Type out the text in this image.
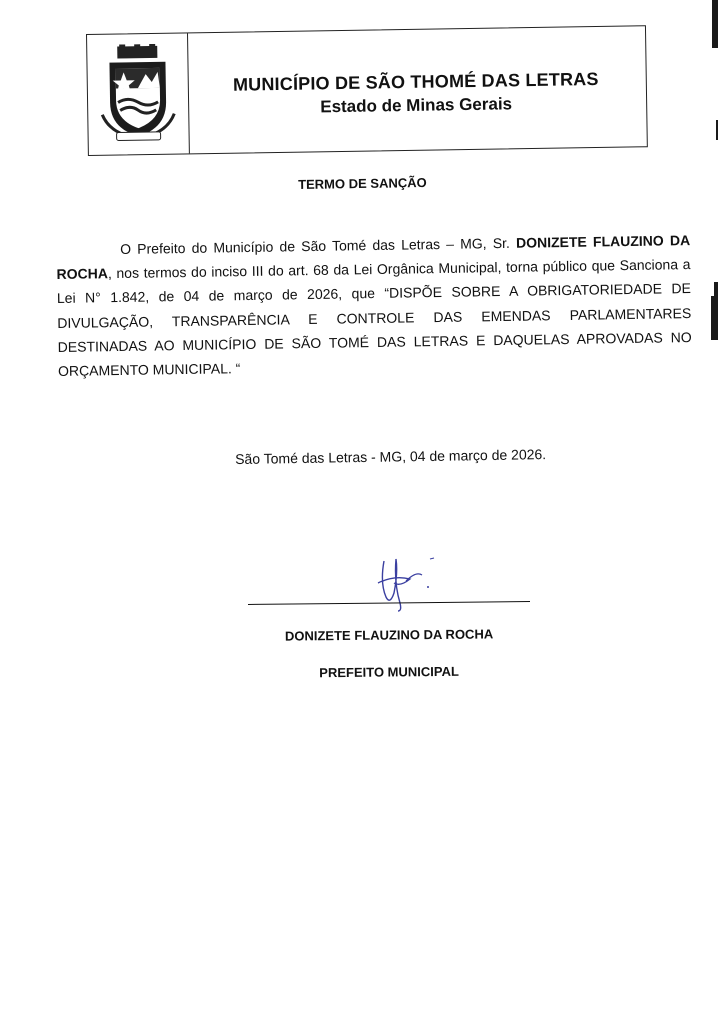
MUNICÍPIO DE SÃO THOMÉ DAS LETRAS
Estado de Minas Gerais
TERMO DE SANÇÃO
O Prefeito do Município de São Tomé das Letras – MG, Sr. DONIZETE FLAUZINO DA ROCHA, nos termos do inciso III do art. 68 da Lei Orgânica Municipal, torna público que Sanciona a Lei N° 1.842, de 04 de março de 2026, que “DISPÕE SOBRE A OBRIGATORIEDADE DE DIVULGAÇÃO, TRANSPARÊNCIA E CONTROLE DAS EMENDAS PARLAMENTARES DESTINADAS AO MUNICÍPIO DE SÃO TOMÉ DAS LETRAS E DAQUELAS APROVADAS NO ORÇAMENTO MUNICIPAL. “
São Tomé das Letras - MG, 04 de março de 2026.
DONIZETE FLAUZINO DA ROCHA
PREFEITO MUNICIPAL
